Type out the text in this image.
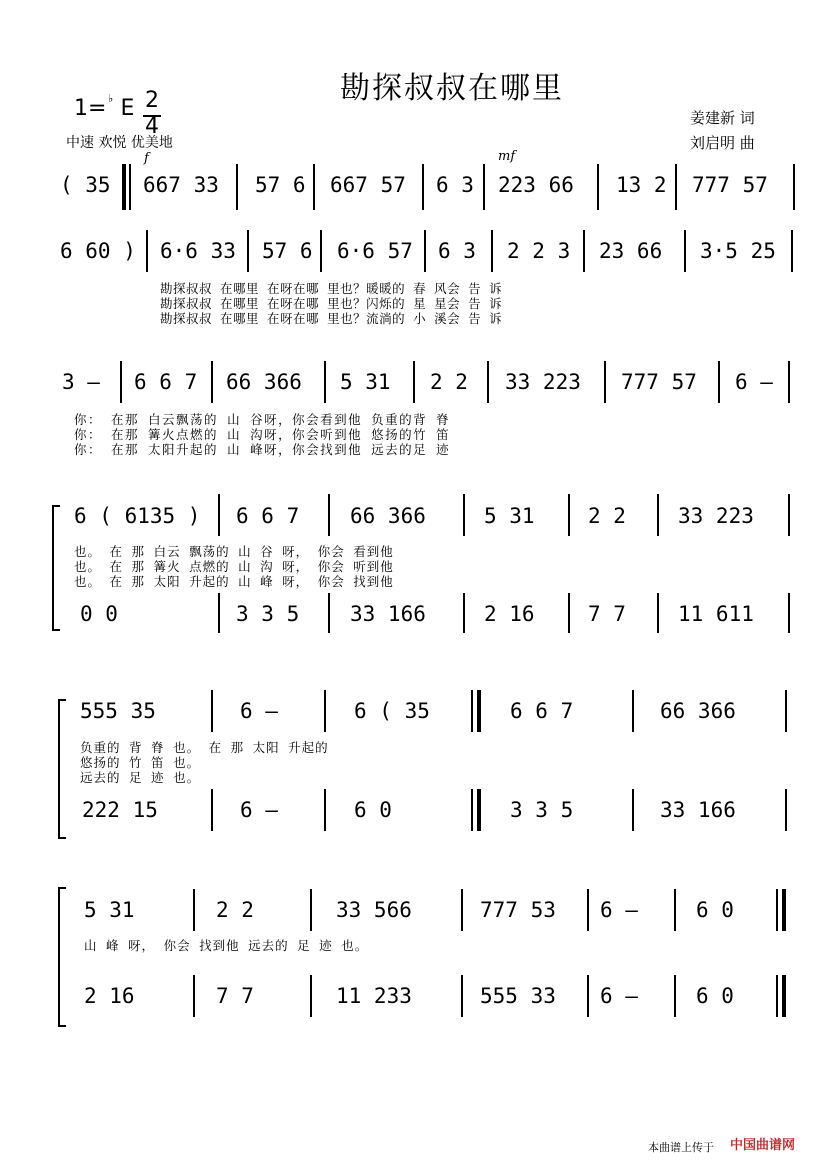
勘探叔叔在哪里
1= E
♭ 2
4
中速 欢悦 优美地
姜建新 词
刘启明 曲
f	mf
( 35 667 33 57 6 667 57 6 3 223 66 13 2 777 57
6 60 ) 6·6 33 57 6 6·6 57 6 3 2 2 3 23 66 3·5 25
勘探叔叔 在哪里 在呀在哪 里也？暖暖的 春 风会 告 诉
勘探叔叔 在哪里 在呀在哪 里也？闪烁的 星 星会 告 诉
勘探叔叔 在哪里 在呀在哪 里也？流淌的 小 溪会 告 诉
3 — 6 6 7 66 366 5 31 2 2 33 223 777 57 6 —
你： 在那 白云飘荡的 山 谷呀，你会看到他 负重的背 脊
你： 在那 篝火点燃的 山 沟呀，你会听到他 悠扬的竹 笛
你： 在那 太阳升起的 山 峰呀，你会找到他 远去的足 迹
6 ( 6135 ) 6 6 7 66 366	5 31	2 2 33 223
也。 在 那 白云 飘荡的 山 谷 呀， 你会 看到他
也。 在 那 篝火 点燃的 山 沟 呀， 你会 听到他
也。 在 那 太阳 升起的 山 峰 呀， 你会 找到他
0 0	3 3 5 33 166	2 16	7 7 11 611
555 35	6 —	6 ( 35	6 6 7	66 366
负重的 背 脊 也。 在 那 太阳 升起的
悠扬的 竹 笛 也。
远去的 足 迹 也。
222 15	6 —	6 0	3 3 5	33 166
5 31	2 2	33 566	777 53 6 —	6 0
山 峰 呀， 你会 找到他 远去的 足 迹 也。
2 16	7 7	11 233	555 33 6 —	6 0
本曲谱上传于 中国曲谱网
